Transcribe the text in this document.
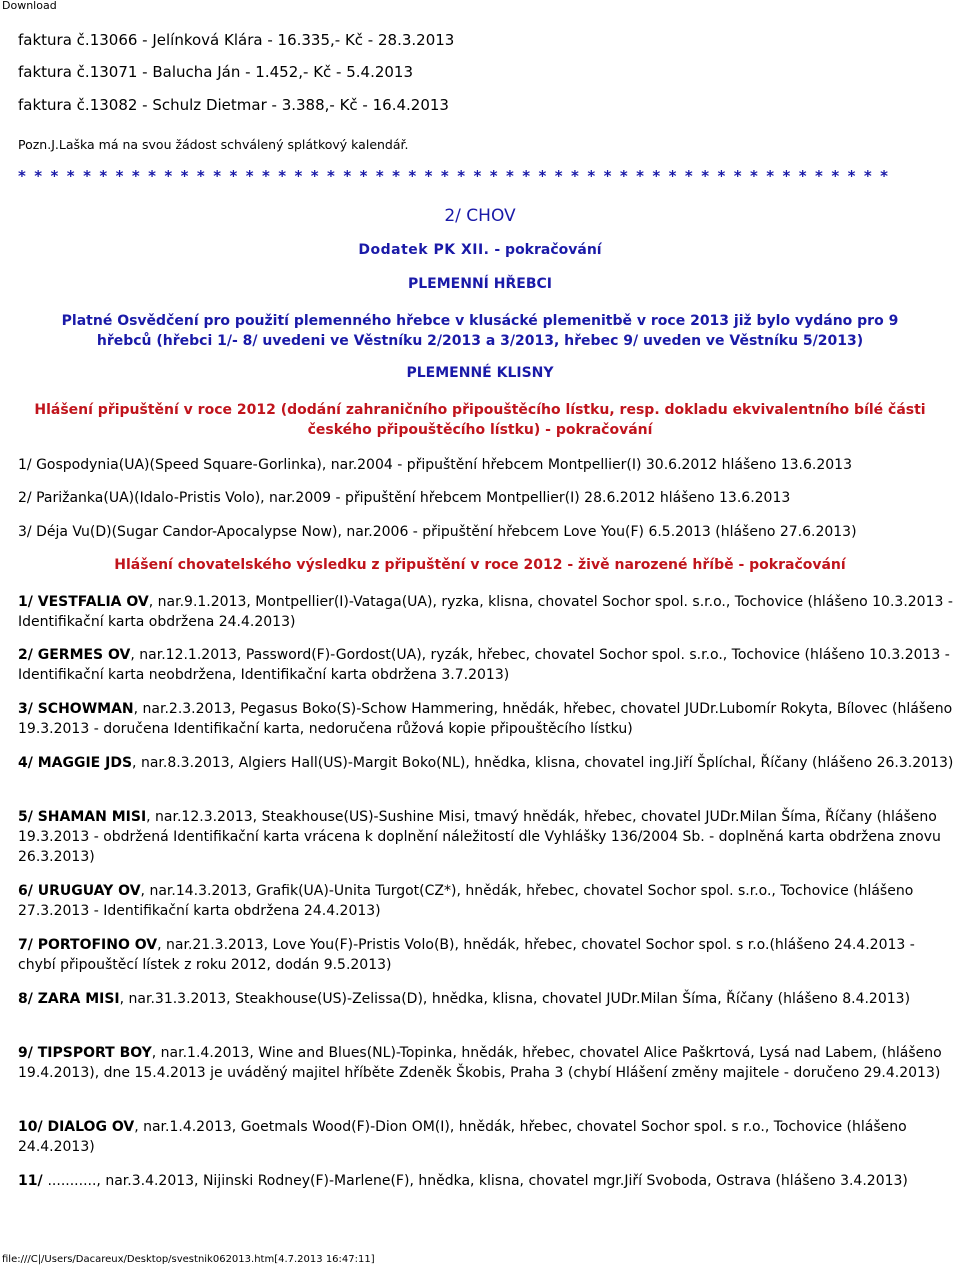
Download
faktura č.13066 - Jelínková Klára - 16.335,- Kč - 28.3.2013
faktura č.13071 - Balucha Ján - 1.452,- Kč - 5.4.2013
faktura č.13082 - Schulz Dietmar - 3.388,- Kč - 16.4.2013
Pozn.J.Laška má na svou žádost schválený splátkový kalendář.
* * * * * * * * * * * * * * * * * * * * * * * * * * * * * * * * * * * * * * * * * * * * * * * * * * * * * *
2/ CHOV
Dodatek PK XII. - pokračování
PLEMENNÍ HŘEBCI
Platné Osvědčení pro použití plemenného hřebce v klusácké plemenitbě v roce 2013 již bylo vydáno pro 9
hřebců (hřebci 1/- 8/ uvedeni ve Věstníku 2/2013 a 3/2013, hřebec 9/ uveden ve Věstníku 5/2013)
PLEMENNÉ KLISNY
Hlášení připuštění v roce 2012 (dodání zahraničního připouštěcího lístku, resp. dokladu ekvivalentního bílé části
českého připouštěcího lístku) - pokračování
1/ Gospodynia(UA)(Speed Square-Gorlinka), nar.2004 - připuštění hřebcem Montpellier(I) 30.6.2012 hlášeno 13.6.2013
2/ Parižanka(UA)(Idalo-Pristis Volo), nar.2009 - připuštění hřebcem Montpellier(I) 28.6.2012 hlášeno 13.6.2013
3/ Déja Vu(D)(Sugar Candor-Apocalypse Now), nar.2006 - připuštění hřebcem Love You(F) 6.5.2013 (hlášeno 27.6.2013)
Hlášení chovatelského výsledku z připuštění v roce 2012 - živě narozené hříbě - pokračování
1/ VESTFALIA OV, nar.9.1.2013, Montpellier(I)-Vataga(UA), ryzka, klisna, chovatel Sochor spol. s.r.o., Tochovice (hlášeno 10.3.2013 - Identifikační karta obdržena 24.4.2013)
2/ GERMES OV, nar.12.1.2013, Password(F)-Gordost(UA), ryzák, hřebec, chovatel Sochor spol. s.r.o., Tochovice (hlášeno 10.3.2013 - Identifikační karta neobdržena, Identifikační karta obdržena 3.7.2013)
3/ SCHOWMAN, nar.2.3.2013, Pegasus Boko(S)-Schow Hammering, hnědák, hřebec, chovatel JUDr.Lubomír Rokyta, Bílovec (hlášeno 19.3.2013 - doručena Identifikační karta, nedoručena růžová kopie připouštěcího lístku)
4/ MAGGIE JDS, nar.8.3.2013, Algiers Hall(US)-Margit Boko(NL), hnědka, klisna, chovatel ing.Jiří Šplíchal, Říčany (hlášeno 26.3.2013)
5/ SHAMAN MISI, nar.12.3.2013, Steakhouse(US)-Sushine Misi, tmavý hnědák, hřebec, chovatel JUDr.Milan Šíma, Říčany (hlášeno 19.3.2013 - obdržená Identifikační karta vrácena k doplnění náležitostí dle Vyhlášky 136/2004 Sb. - doplněná karta obdržena znovu 26.3.2013)
6/ URUGUAY OV, nar.14.3.2013, Grafik(UA)-Unita Turgot(CZ*), hnědák, hřebec, chovatel Sochor spol. s.r.o., Tochovice (hlášeno 27.3.2013 - Identifikační karta obdržena 24.4.2013)
7/ PORTOFINO OV, nar.21.3.2013, Love You(F)-Pristis Volo(B), hnědák, hřebec, chovatel Sochor spol. s r.o.(hlášeno 24.4.2013 - chybí připouštěcí lístek z roku 2012, dodán 9.5.2013)
8/ ZARA MISI, nar.31.3.2013, Steakhouse(US)-Zelissa(D), hnědka, klisna, chovatel JUDr.Milan Šíma, Říčany (hlášeno 8.4.2013)
9/ TIPSPORT BOY, nar.1.4.2013, Wine and Blues(NL)-Topinka, hnědák, hřebec, chovatel Alice Paškrtová, Lysá nad Labem, (hlášeno 19.4.2013), dne 15.4.2013 je uváděný majitel hříběte Zdeněk Škobis, Praha 3 (chybí Hlášení změny majitele - doručeno 29.4.2013)
10/ DIALOG OV, nar.1.4.2013, Goetmals Wood(F)-Dion OM(I), hnědák, hřebec, chovatel Sochor spol. s r.o., Tochovice (hlášeno 24.4.2013)
11/ ..........., nar.3.4.2013, Nijinski Rodney(F)-Marlene(F), hnědka, klisna, chovatel mgr.Jiří Svoboda, Ostrava (hlášeno 3.4.2013)
file:///C|/Users/Dacareux/Desktop/svestnik062013.htm[4.7.2013 16:47:11]
